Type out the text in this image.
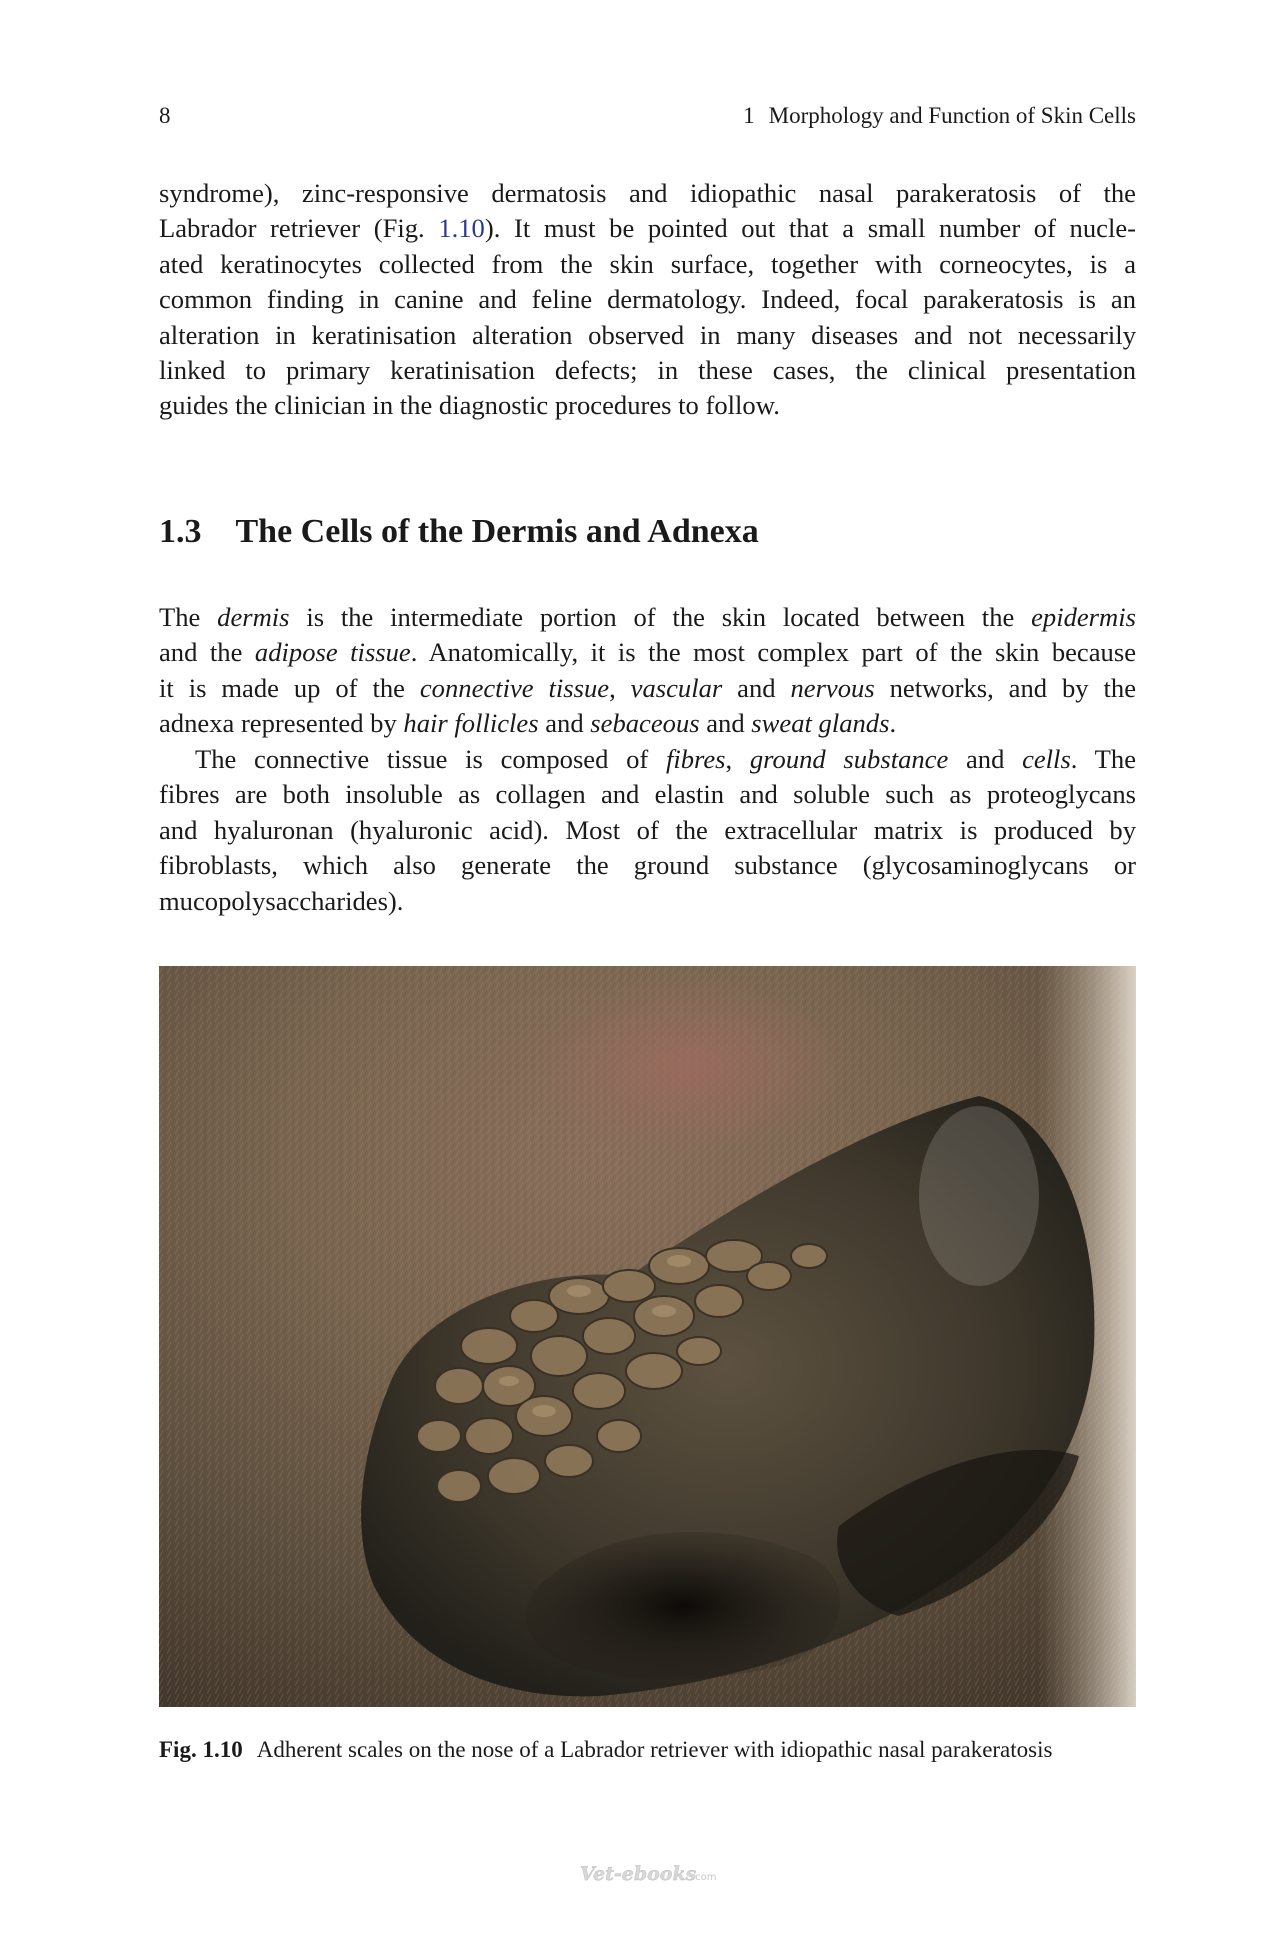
8	1 Morphology and Function of Skin Cells

syndrome), zinc-responsive dermatosis and idiopathic nasal parakeratosis of the
Labrador retriever (Fig. 1.10). It must be pointed out that a small number of nucle-
ated keratinocytes collected from the skin surface, together with corneocytes, is a
common finding in canine and feline dermatology. Indeed, focal parakeratosis is an
alteration in keratinisation alteration observed in many diseases and not necessarily
linked to primary keratinisation defects; in these cases, the clinical presentation
guides the clinician in the diagnostic procedures to follow.

1.3 The Cells of the Dermis and Adnexa

The dermis is the intermediate portion of the skin located between the epidermis
and the adipose tissue. Anatomically, it is the most complex part of the skin because
it is made up of the connective tissue, vascular and nervous networks, and by the
adnexa represented by hair follicles and sebaceous and sweat glands.

The connective tissue is composed of fibres, ground substance and cells. The
fibres are both insoluble as collagen and elastin and soluble such as proteoglycans
and hyaluronan (hyaluronic acid). Most of the extracellular matrix is produced by
fibroblasts, which also generate the ground substance (glycosaminoglycans or
mucopolysaccharides).

Fig. 1.10 Adherent scales on the nose of a Labrador retriever with idiopathic nasal parakeratosis
Vet-ebooks
.com
